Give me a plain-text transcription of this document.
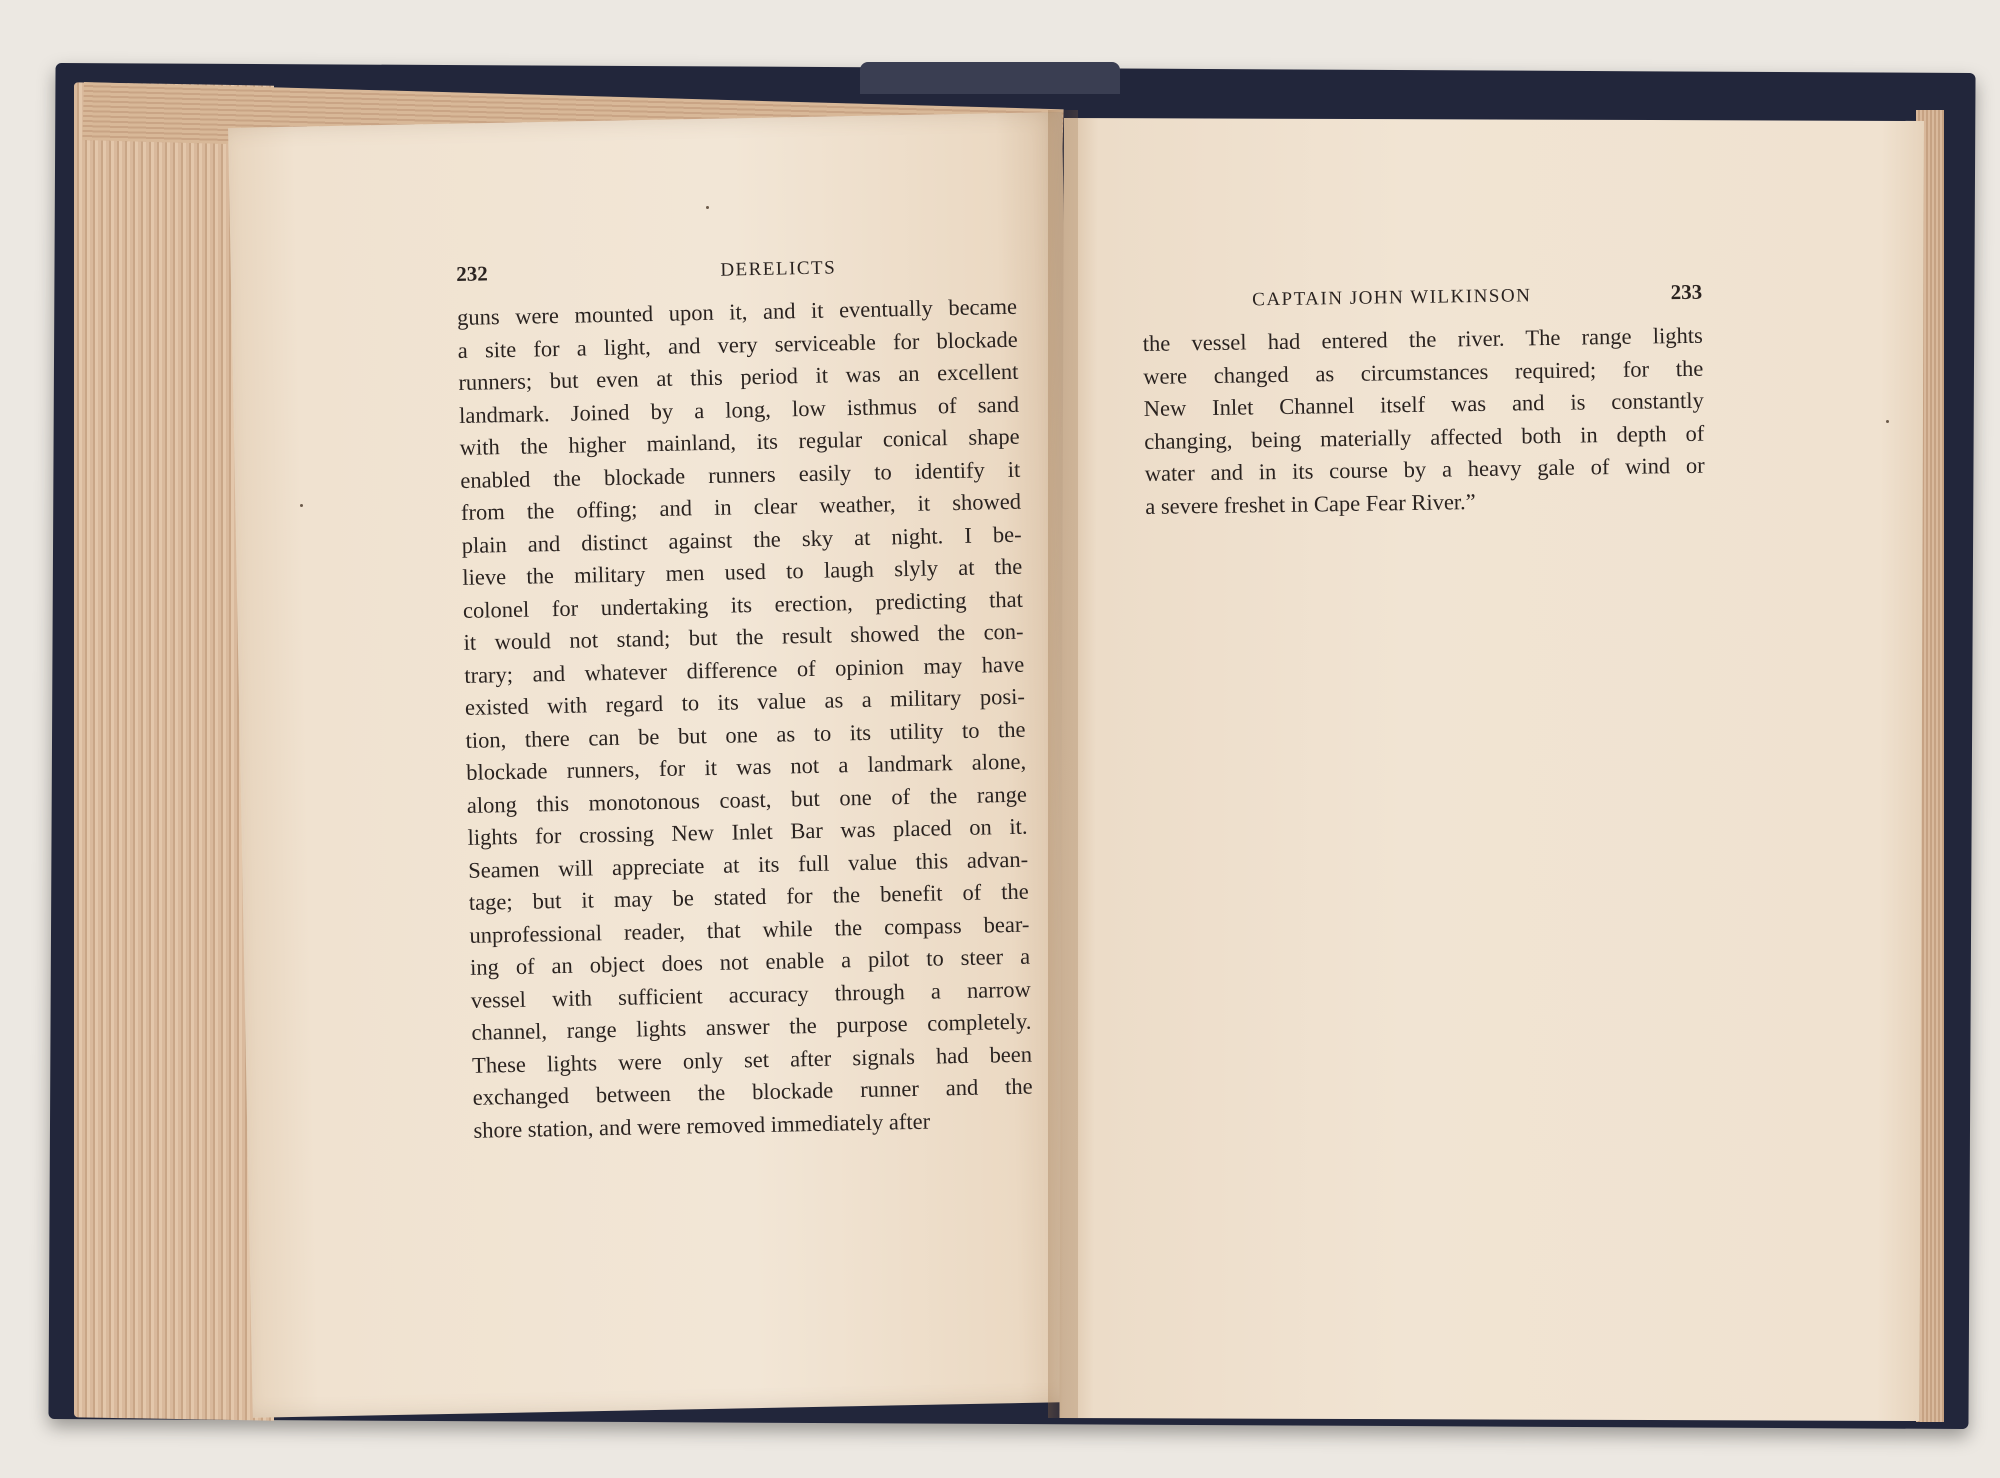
232	DERELICTS
guns were mounted upon it, and it eventually became
a site for a light, and very serviceable for blockade
runners; but even at this period it was an excellent
landmark. Joined by a long, low isthmus of sand
with the higher mainland, its regular conical shape
enabled the blockade runners easily to identify it
from the offing; and in clear weather, it showed
plain and distinct against the sky at night. I be-
lieve the military men used to laugh slyly at the
colonel for undertaking its erection, predicting that
it would not stand; but the result showed the con-
trary; and whatever difference of opinion may have
existed with regard to its value as a military posi-
tion, there can be but one as to its utility to the
blockade runners, for it was not a landmark alone,
along this monotonous coast, but one of the range
lights for crossing New Inlet Bar was placed on it.
Seamen will appreciate at its full value this advan-
tage; but it may be stated for the benefit of the
unprofessional reader, that while the compass bear-
ing of an object does not enable a pilot to steer a
vessel with sufficient accuracy through a narrow
channel, range lights answer the purpose completely.
These lights were only set after signals had been
exchanged between the blockade runner and the
shore station, and were removed immediately after
CAPTAIN JOHN WILKINSON	233
the vessel had entered the river. The range lights
were changed as circumstances required; for the
New Inlet Channel itself was and is constantly
changing, being materially affected both in depth of
water and in its course by a heavy gale of wind or
a severe freshet in Cape Fear River.”
